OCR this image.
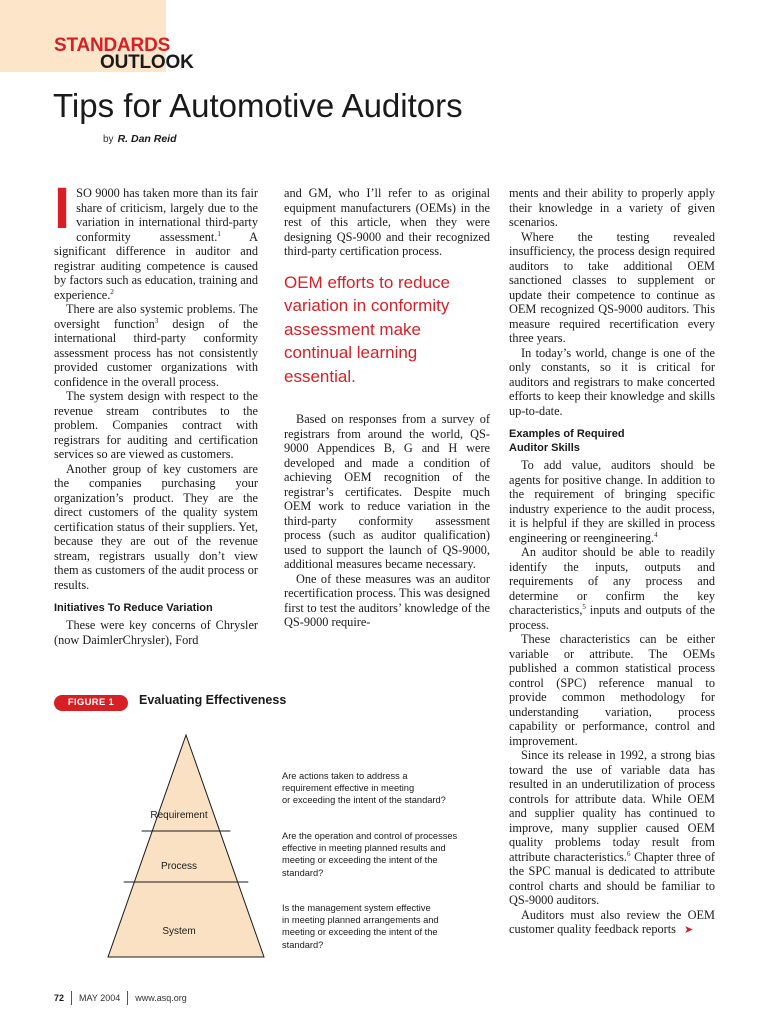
STANDARDS
OUTLOOK
Tips for Automotive Auditors
by R. Dan Reid

ISO 9000 has taken more than its fair share of criticism, largely due to the variation in international third-party conformity assessment.$^1$ A significant difference in auditor and registrar auditing competence is caused by factors such as education, training and experience.$^2$

There are also systemic problems. The oversight function$^3$ design of the international third-party conformity assessment process has not consistently provided customer organizations with confidence in the overall process.

The system design with respect to the revenue stream contributes to the problem. Companies contract with registrars for auditing and certification services so are viewed as customers.

Another group of key customers are the companies purchasing your organization’s product. They are the direct customers of the quality system certification status of their suppliers. Yet, because they are out of the revenue stream, registrars usually don’t view them as customers of the audit process or results.

Initiatives To Reduce Variation

These were key concerns of Chrysler (now DaimlerChrysler), Ford

and GM, who I’ll refer to as original equipment manufacturers (OEMs) in the rest of this article, when they were designing QS-9000 and their recognized third-party certification process.

OEM efforts to reduce variation in conformity assessment make continual learning essential.

Based on responses from a survey of registrars from around the world, QS-9000 Appendices B, G and H were developed and made a condition of achieving OEM recognition of the registrar’s certificates. Despite much OEM work to reduce variation in the third-party conformity assessment process (such as auditor qualification) used to support the launch of QS-9000, additional measures became necessary.

One of these measures was an auditor recertification process. This was designed first to test the auditors’ knowledge of the QS-9000 require-

ments and their ability to properly apply their knowledge in a variety of given scenarios.

Where the testing revealed insufficiency, the process design required auditors to take additional OEM sanctioned classes to supplement or update their competence to continue as OEM recognized QS-9000 auditors. This measure required recertification every three years.

In today’s world, change is one of the only constants, so it is critical for auditors and registrars to make concerted efforts to keep their knowledge and skills up-to-date.

Examples of Required
Auditor Skills

To add value, auditors should be agents for positive change. In addition to the requirement of bringing specific industry experience to the audit process, it is helpful if they are skilled in process engineering or reengineering.$^4$

An auditor should be able to readily identify the inputs, outputs and requirements of any process and determine or confirm the key characteristics,$^5$ inputs and outputs of the process.

These characteristics can be either variable or attribute. The OEMs published a common statistical process control (SPC) reference manual to provide common methodology for understanding variation, process capability or performance, control and improvement.

Since its release in 1992, a strong bias toward the use of variable data has resulted in an underutilization of process controls for attribute data. While OEM and supplier quality has continued to improve, many supplier caused OEM quality problems today result from attribute characteristics.$^6$ Chapter three of the SPC manual is dedicated to attribute control charts and should be familiar to QS-9000 auditors.

Auditors must also review the OEM customer quality feedback reports ➤

FIGURE 1	Evaluating Effectiveness
Requirement
Process
System
Are actions taken to address a
requirement effective in meeting
or exceeding the intent of the standard?
Are the operation and control of processes
effective in meeting planned results and
meeting or exceeding the intent of the
standard?
Is the management system effective
in meeting planned arrangements and
meeting or exceeding the intent of the
standard?
72 MAY 2004 www.asq.org
